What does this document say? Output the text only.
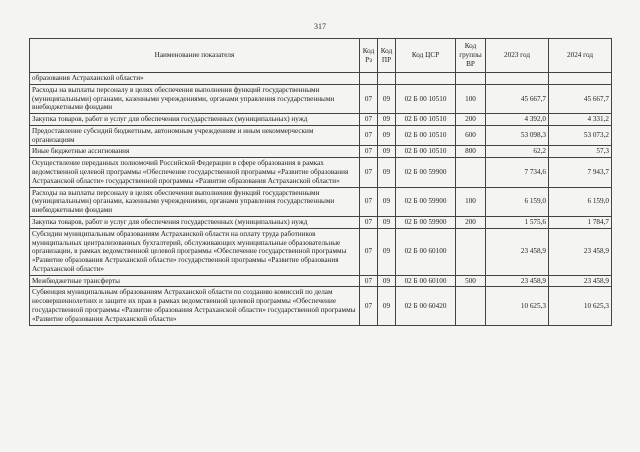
317
Наименование показателя	Код Рз	Код ПР	Код ЦСР	Код группы ВР	2023 год	2024 год
образования Астраханской области»						
Расходы на выплаты персоналу в целях обеспечения выполнения функций государственными (муниципальными) органами, казенными учреждениями, органами управления государственными внебюджетными фондами	07	09	02 Б 00 10510	100	45 667,7	45 667,7
Закупка товаров, работ и услуг для обеспечения государственных (муниципальных) нужд	07	09	02 Б 00 10510	200	4 392,0	4 331,2
Предоставление субсидий бюджетным, автономным учреждениям и иным некоммерческим организациям	07	09	02 Б 00 10510	600	53 098,3	53 073,2
Иные бюджетные ассигнования	07	09	02 Б 00 10510	800	62,2	57,3
Осуществление переданных полномочий Российской Федерации в сфере образования в рамках ведомственной целевой программы «Обеспечение государственной программы «Развитие образования Астраханской области» государственной программы «Развитие образования Астраханской области»	07	09	02 Б 00 59900		7 734,6	7 943,7
Расходы на выплаты персоналу в целях обеспечения выполнения функций государственными (муниципальными) органами, казенными учреждениями, органами управления государственными внебюджетными фондами	07	09	02 Б 00 59900	100	6 159,0	6 159,0
Закупка товаров, работ и услуг для обеспечения государственных (муниципальных) нужд	07	09	02 Б 00 59900	200	1 575,6	1 784,7
Субсидии муниципальным образованиям Астраханской области на оплату труда работников муниципальных централизованных бухгалтерий, обслуживающих муниципальные образовательные организации, в рамках ведомственной целевой программы «Обеспечение государственной программы «Развитие образования Астраханской области» государственной программы «Развитие образования Астраханской области»	07	09	02 Б 00 60100		23 458,9	23 458,9
Межбюджетные трансферты	07	09	02 Б 00 60100	500	23 458,9	23 458,9
Субвенция муниципальным образованиям Астраханской области по созданию комиссий по делам несовершеннолетних и защите их прав в рамках ведомственной целевой программы «Обеспечение государственной программы «Развитие образования Астраханской области» государственной программы «Развитие образования Астраханской области»	07	09	02 Б 00 60420		10 625,3	10 625,3
